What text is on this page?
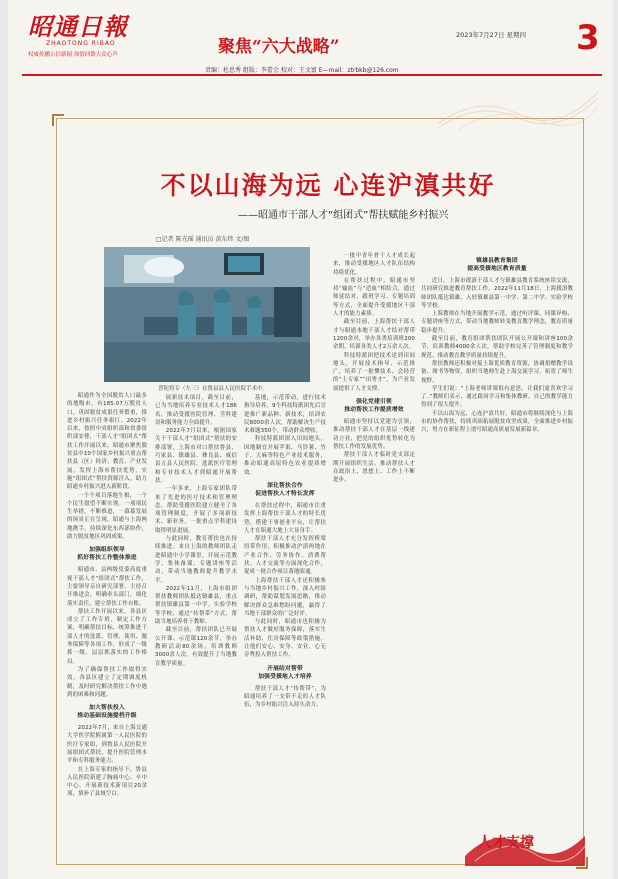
昭通日報
ZHAOTONG RIBAO
权威传播公信新闻 深情回馈大众心声	聚焦“六大战略”
2023年7月27日 星期四 3
责编：杜思秀 组版：李蕾会 校对：王文富 E—mail：ztrbkb@126.com
不以山海为远 心连沪滇共好
——昭通市干部人才“组团式”帮扶赋能乡村振兴
□记者 陈光瑶 通讯员 黄东炜 文/图
普陀将专（左三）在鲁县县人民医院手术中。

昭通作为全国脱贫人口最多的地级市，有185.07万脱贫人口。巩固脱贫成果任务繁重，推进乡村振兴任务艰巨。2022年以来，按照中央组织部和省委组织部安排，干部人才“组团式”帮扶工作开展以来，昭通市聚焦脱贫县中10个国家乡村振兴重点帮扶县（区）经济、教育、产业发展，发挥上海市帮扶优势，实施“组团式”帮扶资源注入，助力昭通乡村振兴进入新阶段。

一个个项目落地生根，一个个民生愿望不断实现。一项项民生举措，不断推进，一幕幕发展的场景正在呈现。昭通与上海两地携手，持续深化东西部协作，助力脱贫地区巩固成果。

加强组织领导
抓好帮扶工作整体推进

昭通市、县两级党委高度重视干部人才“组团式”帮扶工作，主要领导亲自研究部署、主持召开推进会，明确牵头部门，细化落实责任，建立帮扶工作台账。

帮扶工作开展以来，各县区成立了工作专班，制定工作方案，明确帮扶目标，统筹推进干部人才的选派、管理、使用、服务保障等各项工作，形成了一级抓一级、层层抓落实的工作格局。

为了确保帮扶工作取得实效，各县区建立了定期调度机制，及时研究解决帮扶工作中遇到的困难和问题。

加大帮扶投入
推动基础设施提档升级

2022年7月，来自上海交通大学医学院附属第一人民医院的医疗专家组，到鲁县人民医院开展组团式帮扶，提升医院管理水平和专科服务能力。

在上海专家的指导下，鲁县人民医院新建了胸痛中心、卒中中心，开展新技术新项目20余项，填补了县域空白。

展新技术项目，截至目前，已为当地培养专业技术人才186名，推动受援医院管理、学科建设和服务能力全面提升。

2022年7月以来，根据国家关于干部人才“组团式”帮扶的安排部署，上海市对口帮扶鲁县、巧家县、镇雄县、彝良县、威信县五县人民医院，选派医疗管理和专业技术人才到昭通开展帮扶。

一年多来，上海专家团队带来了先进的医疗技术和管理理念，帮助受援医院建立健全了各项管理制度，开展了多项新技术、新业务，一批重点学科建设取得明显进展。

与此同时，教育帮扶也在持续推进。来自上海的教师团队走进昭通中小学课堂，开展示范教学、集体备课、专题讲座等活动，带动当地教师提升教学水平。

2022年11月，上海市组团帮扶教师团队抵达镇雄县，重点帮扶镇雄县第一中学、实验学校等学校，通过“传帮带”方式，帮助当地培养骨干教师。

截至目前，帮扶团队已开展公开课、示范课120余节，举办教研活动80余场，培训教师3000余人次，有效提升了当地教育教学质量。

基地，示范带动，进行技术指导培养，9个科技特派团先后引进推广新品种、新技术，培训农民8000余人次，帮助解决生产技术难题350个，带动群众增收。

科技特派团深入田间地头，因地制宜开展苹果、马铃薯、竹子、天麻等特色产业技术服务，推动昭通高原特色农业提质增效。

深化帮扶合作
促进帮扶人才特长发挥

在帮扶过程中，昭通市注重发挥上海帮扶干部人才的特长优势，搭建干事创业平台，让帮扶人才在昭通大地上大显身手。

帮扶干部人才充分发挥桥梁纽带作用，积极推动沪滇两地在产业合作、劳务协作、消费帮扶、人才交流等方面深化合作，促成一批合作项目落地昭通。

上海帮扶干部人才还积极参与当地乡村振兴工作，深入村组调研，帮助谋划发展思路，推动解决群众急难愁盼问题，赢得了当地干部群众的广泛好评。

与此同时，昭通市也积极为帮扶人才做好服务保障，落实生活补助、住房保障等政策措施，让他们安心、安身、安业，心无旁骛投入帮扶工作。

开展结对帮带
加强受援地人才培养

帮扶干部人才“传帮带”，为昭通培养了一支带不走的人才队伍，为乡村振兴注入持久动力。

一批中青年骨干人才成长起来，推动受援地区人才队伍结构持续优化。

在帮扶过程中，昭通市坚持“输血”与“造血”相结合，通过师徒结对、跟班学习、专题培训等方式，全面提升受援地区干部人才的能力素质。

截至目前，上海帮扶干部人才与昭通本地干部人才结对帮带1200余对，举办各类培训班200余期，培训各类人才2万余人次。

科技特派团把技术送到田间地头，开展技术指导、示范推广，培养了一批懂技术、会经营的“土专家”“田秀才”，为产业发展提供了人才支撑。

强化党建引领
推动帮扶工作提质增效

昭通市坚持以党建为引领，推动帮扶干部人才在基层一线建功立业，把党的组织优势转化为帮扶工作的发展优势。

帮扶干部人才临时党支部定期开展组织生活，推动帮扶人才在政治上、思想上、工作上不断进步。

镇雄县教育集团
提高受援地区教育质量

近日，上海市援滇干部人才与镇雄县教育系统座谈交流，共同研究推进教育帮扶工作。2022年11月18日，上海援滇教师团队抵达镇雄，入驻镇雄县第一中学、第二中学、实验学校等学校。

上海教师在当地开展教学示范，通过听评课、同课异构、专题讲座等方式，带动当地教师转变教育教学理念，教育质量稳步提升。

截至目前，教育组团帮扶团队开展公开课和讲座100余节，培训教师4000余人次，帮助学校完善了管理制度和教学规范，推动教育教学质量持续提升。

帮扶教师还积极对接上海优质教育资源，协调捐赠教学设备、图书等物资，组织当地师生赴上海交流学习，拓宽了师生视野。

学生们说：“上海老师讲课很有意思，让我们更喜欢学习了。”教师们表示，通过跟岗学习和集体教研，自己的教学能力得到了很大提升。

不以山海为远，心连沪滇共好。昭通市将继续深化与上海市的协作帮扶，持续巩固拓展脱贫攻坚成果，全面推进乡村振兴，努力在新征程上谱写昭通高质量发展新篇章。

人才支撑
